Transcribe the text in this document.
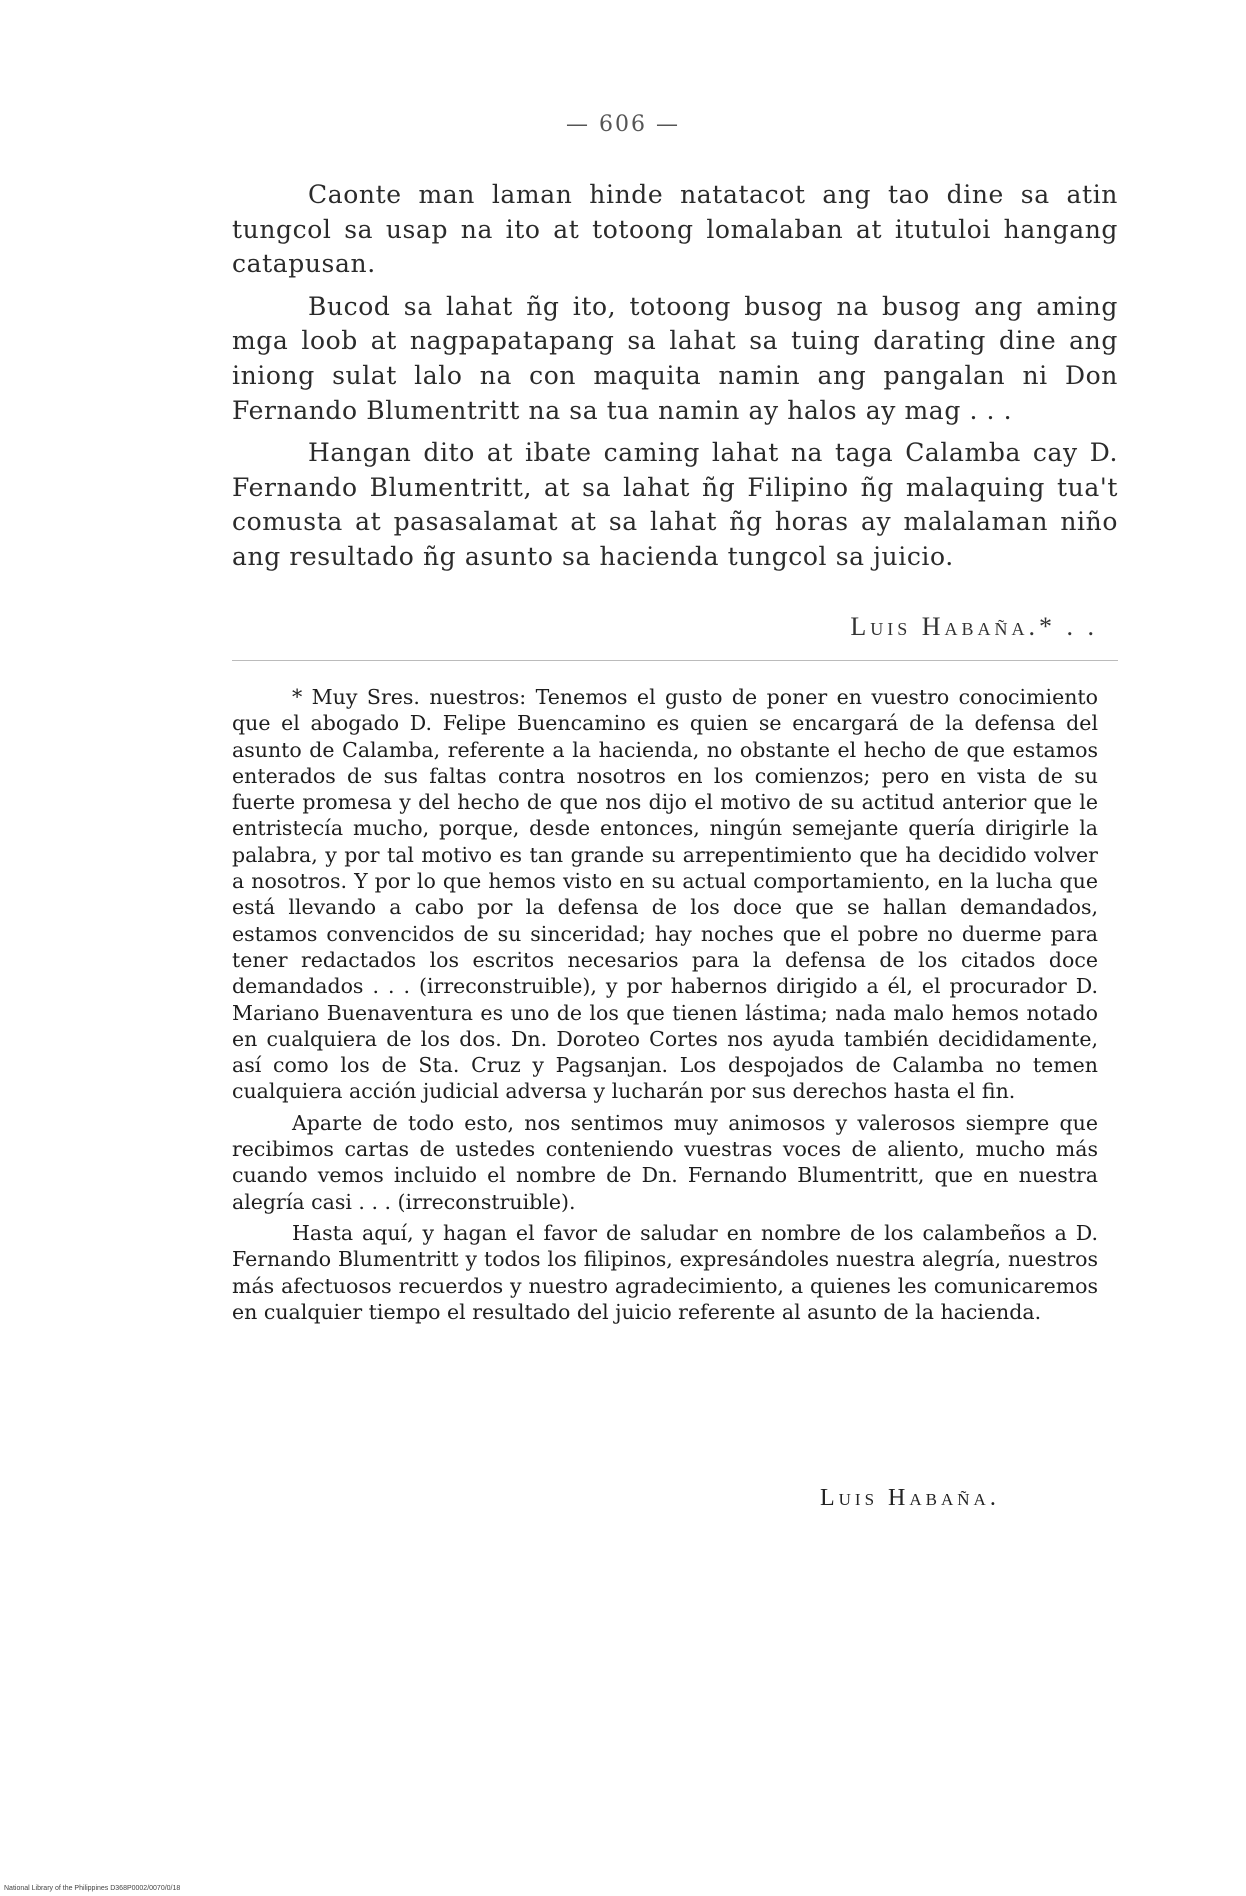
— 606 —

Caonte man laman hinde natatacot ang tao dine sa atin tungcol sa usap na ito at totoong lomalaban at itutuloi hangang catapusan.

Bucod sa lahat ñg ito, totoong busog na busog ang aming mga loob at nagpapatapang sa lahat sa tuing darating dine ang iniong sulat lalo na con maquita namin ang pangalan ni Don Fernando Blumentritt na sa tua namin ay halos ay mag . . .

Hangan dito at ibate caming lahat na taga Calamba cay D. Fernando Blumentritt, at sa lahat ñg Filipino ñg malaquing tua't comusta at pasasalamat at sa lahat ñg horas ay malalaman niño ang resultado ñg asunto sa hacienda tungcol sa juicio.

Luis Habaña.* . .

* Muy Sres. nuestros: Tenemos el gusto de poner en vuestro conocimiento que el abogado D. Felipe Buencamino es quien se encargará de la defensa del asunto de Calamba, referente a la hacienda, no obstante el hecho de que estamos enterados de sus faltas contra nosotros en los comienzos; pero en vista de su fuerte promesa y del hecho de que nos dijo el motivo de su actitud anterior que le entristecía mucho, porque, desde entonces, ningún semejante quería dirigirle la palabra, y por tal motivo es tan grande su arrepentimiento que ha decidido volver a nosotros. Y por lo que hemos visto en su actual comportamiento, en la lucha que está llevando a cabo por la defensa de los doce que se hallan demandados, estamos convencidos de su sinceridad; hay noches que el pobre no duerme para tener redactados los escritos necesarios para la defensa de los citados doce demandados . . . (irreconstruible), y por habernos dirigido a él, el procurador D. Mariano Buenaventura es uno de los que tienen lástima; nada malo hemos notado en cualquiera de los dos. Dn. Doroteo Cortes nos ayuda también decididamente, así como los de Sta. Cruz y Pagsanjan. Los despojados de Calamba no temen cualquiera acción judicial adversa y lucharán por sus derechos hasta el fin.

Aparte de todo esto, nos sentimos muy animosos y valerosos siempre que recibimos cartas de ustedes conteniendo vuestras voces de aliento, mucho más cuando vemos incluido el nombre de Dn. Fernando Blumentritt, que en nuestra alegría casi . . . (irreconstruible).

Hasta aquí, y hagan el favor de saludar en nombre de los calambeños a D. Fernando Blumentritt y todos los filipinos, expresándoles nuestra alegría, nuestros más afectuosos recuerdos y nuestro agradecimiento, a quienes les comunicaremos en cualquier tiempo el resultado del juicio referente al asunto de la hacienda.

Luis Habaña.
National Library of the Philippines D368P0002/0070/0/18
